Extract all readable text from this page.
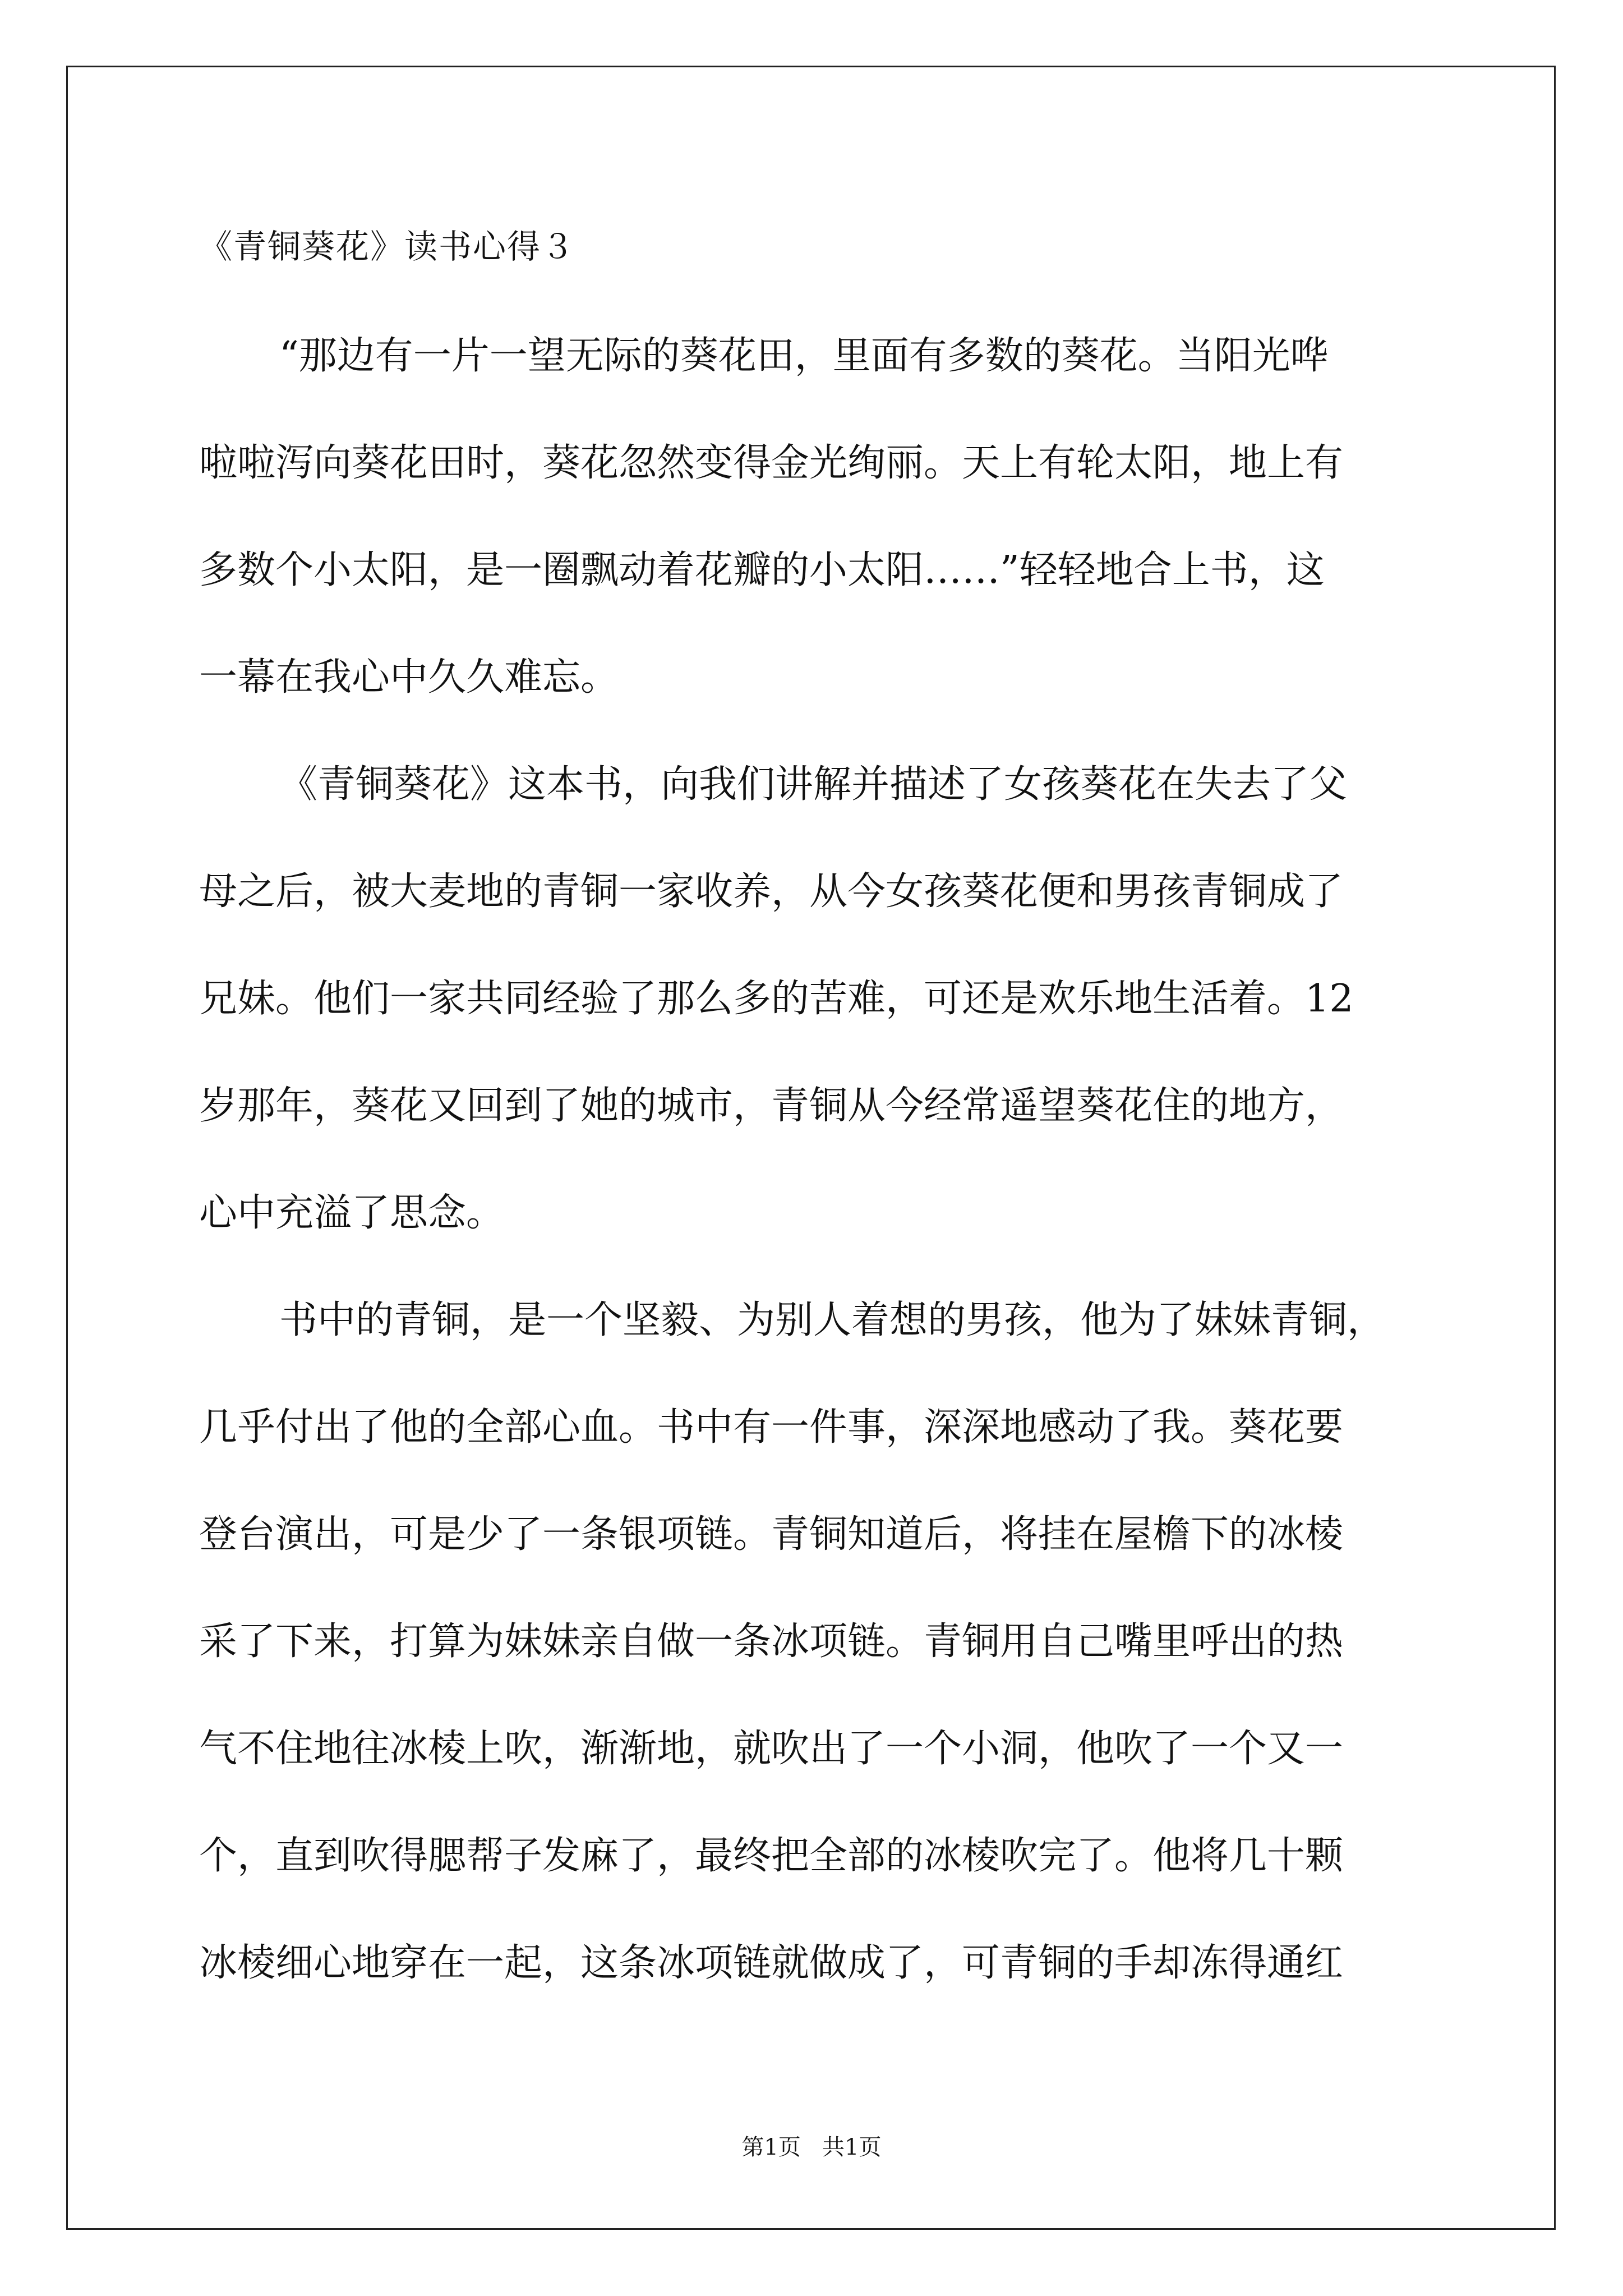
《青铜葵花》读书心得３
“那边有一片一望无际的葵花田，里面有多数的葵花。当阳光哗
啦啦泻向葵花田时，葵花忽然变得金光绚丽。天上有轮太阳，地上有
多数个小太阳，是一圈飘动着花瓣的小太阳……”轻轻地合上书，这
一幕在我心中久久难忘。
《青铜葵花》这本书，向我们讲解并描述了女孩葵花在失去了父
母之后，被大麦地的青铜一家收养，从今女孩葵花便和男孩青铜成了
兄妹。他们一家共同经验了那么多的苦难，可还是欢乐地生活着。12
岁那年，葵花又回到了她的城市，青铜从今经常遥望葵花住的地方，
心中充溢了思念。
书中的青铜，是一个坚毅、为别人着想的男孩，他为了妹妹青铜，
几乎付出了他的全部心血。书中有一件事，深深地感动了我。葵花要
登台演出，可是少了一条银项链。青铜知道后，将挂在屋檐下的冰棱
采了下来，打算为妹妹亲自做一条冰项链。青铜用自己嘴里呼出的热
气不住地往冰棱上吹，渐渐地，就吹出了一个小洞，他吹了一个又一
个，直到吹得腮帮子发麻了，最终把全部的冰棱吹完了。他将几十颗
冰棱细心地穿在一起，这条冰项链就做成了，可青铜的手却冻得通红
第1页   共1页
